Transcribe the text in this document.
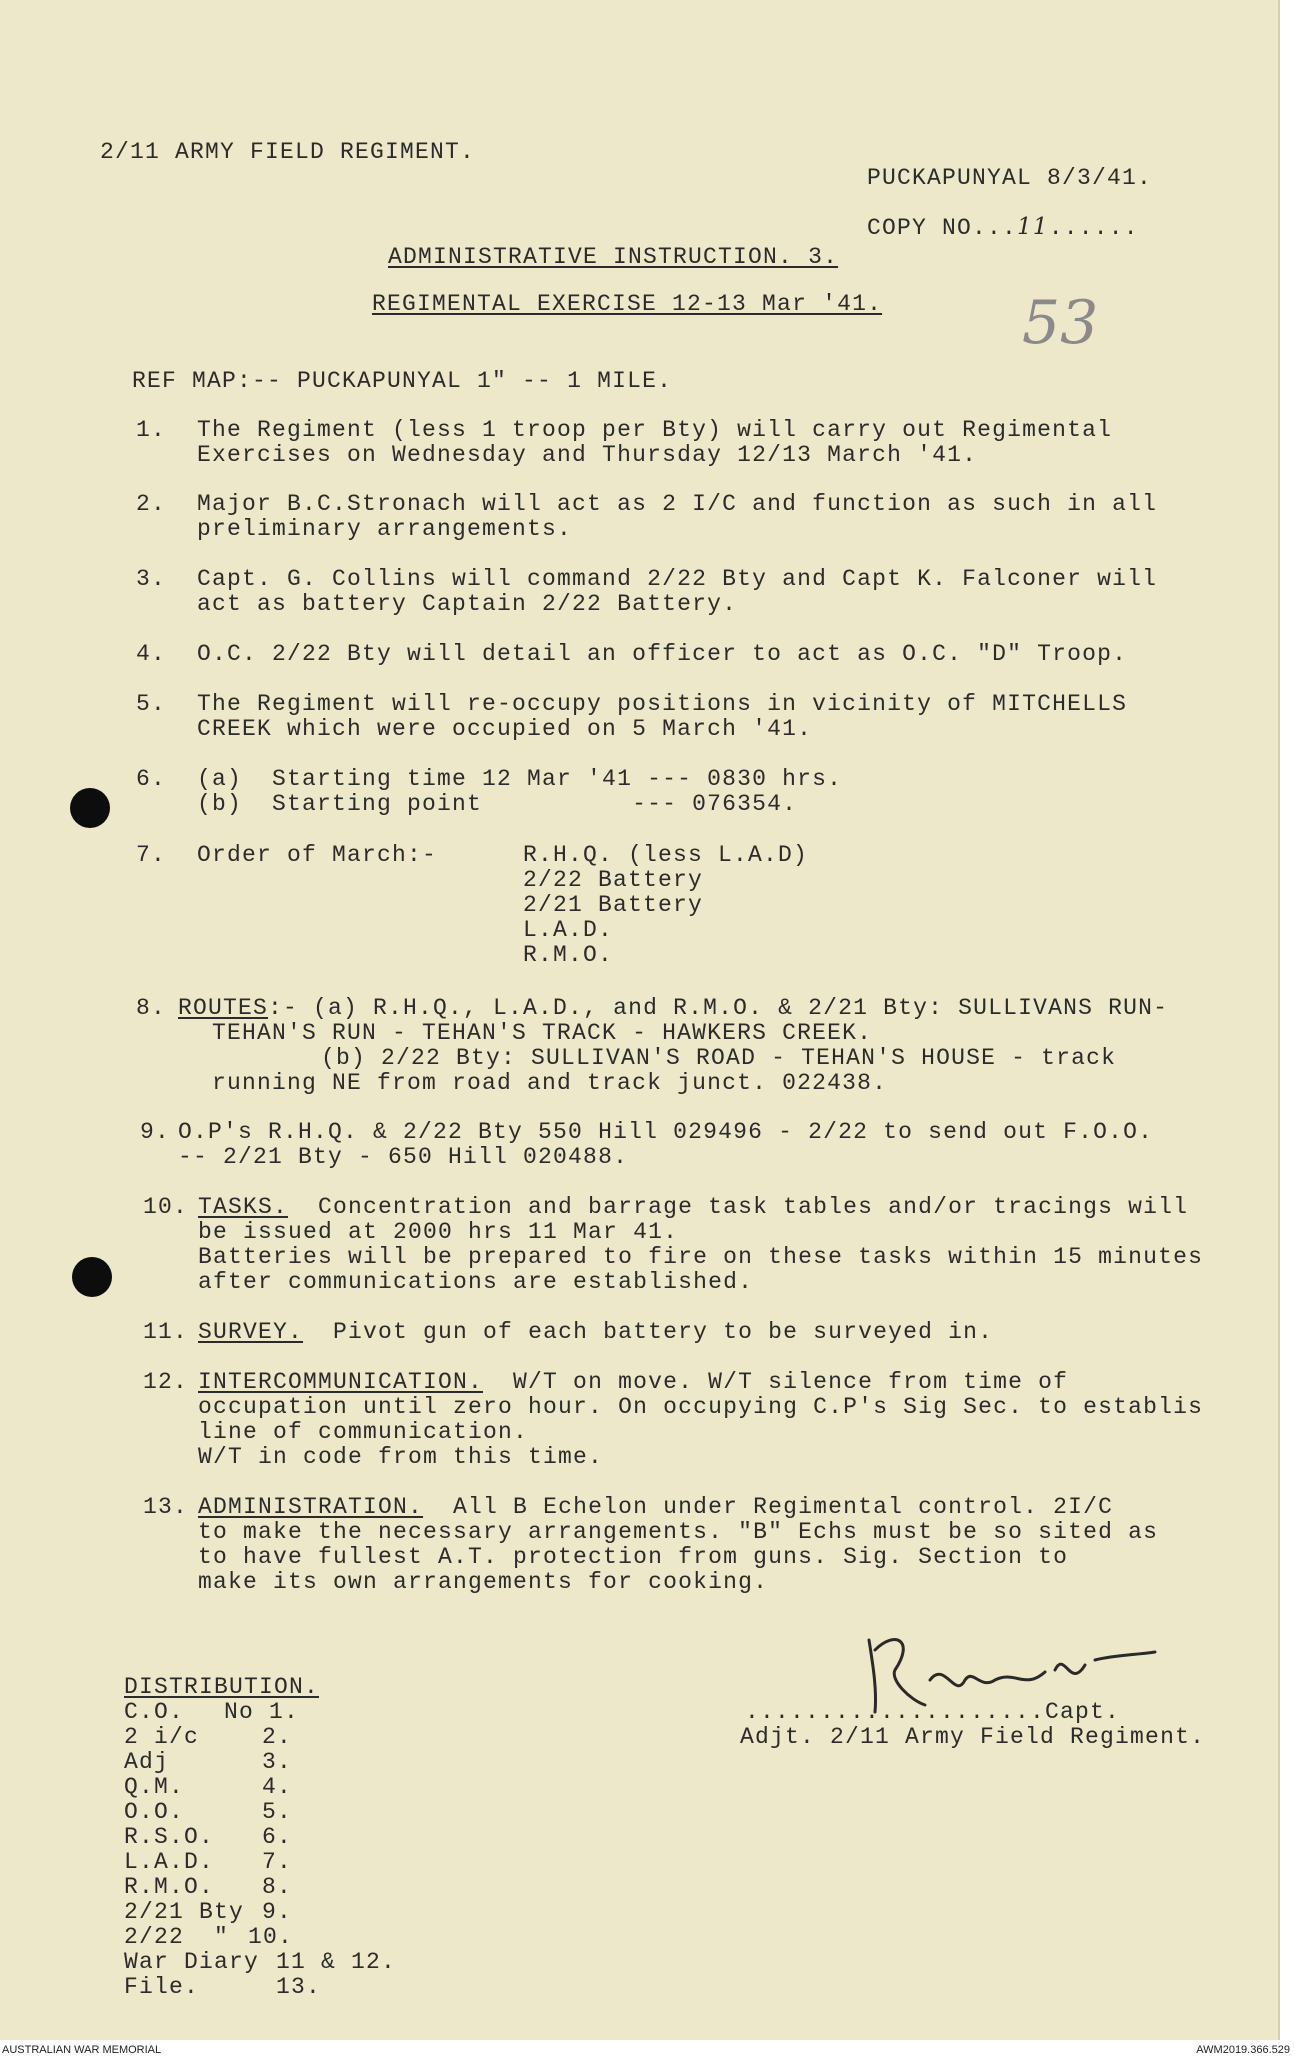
2/11 ARMY FIELD REGIMENT.
PUCKAPUNYAL 8/3/41.
COPY NO...11......
ADMINISTRATIVE INSTRUCTION. 3.
REGIMENTAL EXERCISE 12-13 Mar '41. 53
REF MAP:-- PUCKAPUNYAL 1" -- 1 MILE.
1. The Regiment (less 1 troop per Bty) will carry out Regimental
Exercises on Wednesday and Thursday 12/13 March '41.
2. Major B.C.Stronach will act as 2 I/C and function as such in all
preliminary arrangements.
3. Capt. G. Collins will command 2/22 Bty and Capt K. Falconer will
act as battery Captain 2/22 Battery.
4. O.C. 2/22 Bty will detail an officer to act as O.C. "D" Troop.
5. The Regiment will re-occupy positions in vicinity of MITCHELLS
CREEK which were occupied on 5 March '41.
6. (a)  Starting time 12 Mar '41 --- 0830 hrs.
(b)  Starting point          --- 076354.
7. Order of March:-	R.H.Q. (less L.A.D)
2/22 Battery
2/21 Battery
L.A.D.
R.M.O.
8. ROUTES:- (a) R.H.Q., L.A.D., and R.M.O. & 2/21 Bty: SULLIVANS RUN-
TEHAN'S RUN - TEHAN'S TRACK - HAWKERS CREEK.
(b) 2/22 Bty: SULLIVAN'S ROAD - TEHAN'S HOUSE - track
running NE from road and track junct. 022438.
9. O.P's R.H.Q. & 2/22 Bty 550 Hill 029496 - 2/22 to send out F.O.O.
-- 2/21 Bty - 650 Hill 020488.
10. TASKS.  Concentration and barrage task tables and/or tracings will
be issued at 2000 hrs 11 Mar 41.
Batteries will be prepared to fire on these tasks within 15 minutes
after communications are established.
11. SURVEY.  Pivot gun of each battery to be surveyed in.
12. INTERCOMMUNICATION.  W/T on move. W/T silence from time of
occupation until zero hour. On occupying C.P's Sig Sec. to establis
line of communication.
W/T in code from this time.
13. ADMINISTRATION.  All B Echelon under Regimental control. 2I/C
to make the necessary arrangements. "B" Echs must be so sited as
to have fullest A.T. protection from guns. Sig. Section to
make its own arrangements for cooking.
....................Capt.
Adjt. 2/11 Army Field Regiment.
DISTRIBUTION.
C.O. No 1.
2 i/c	2.
Adj	3.
Q.M.	4.
O.O.	5.
R.S.O. 6.
L.A.D. 7.
R.M.O. 8.
2/21 Bty 9.
2/22  " 10.
War Diary 11 & 12.
File.	13.
AUSTRALIAN WAR MEMORIAL	AWM2019.366.529
